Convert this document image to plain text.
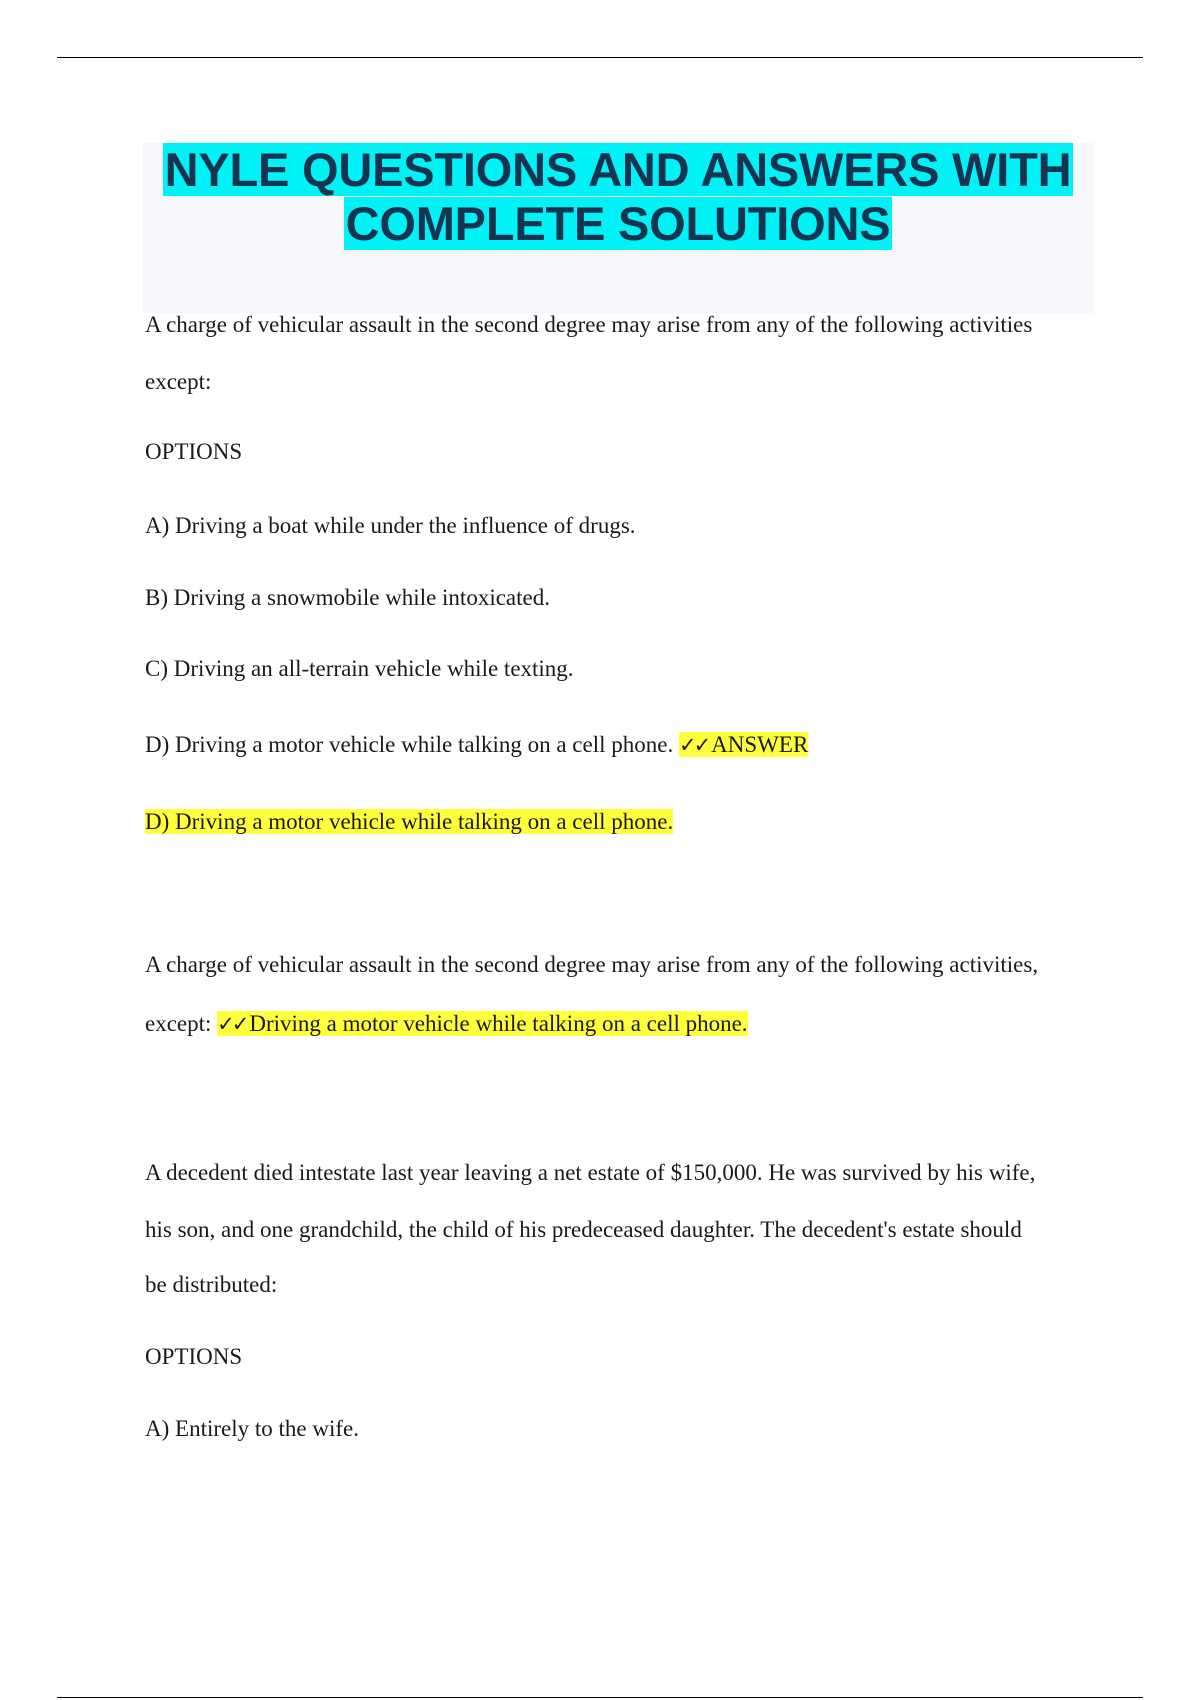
NYLE QUESTIONS AND ANSWERS WITH
COMPLETE SOLUTIONS
A charge of vehicular assault in the second degree may arise from any of the following activities
except:
OPTIONS
A) Driving a boat while under the influence of drugs.
B) Driving a snowmobile while intoxicated.
C) Driving an all-terrain vehicle while texting.
D) Driving a motor vehicle while talking on a cell phone. ✓✓ ANSWER
D) Driving a motor vehicle while talking on a cell phone.
A charge of vehicular assault in the second degree may arise from any of the following activities,
except: ✓✓ Driving a motor vehicle while talking on a cell phone.
A decedent died intestate last year leaving a net estate of $150,000. He was survived by his wife,
his son, and one grandchild, the child of his predeceased daughter. The decedent's estate should
be distributed:
OPTIONS
A) Entirely to the wife.
